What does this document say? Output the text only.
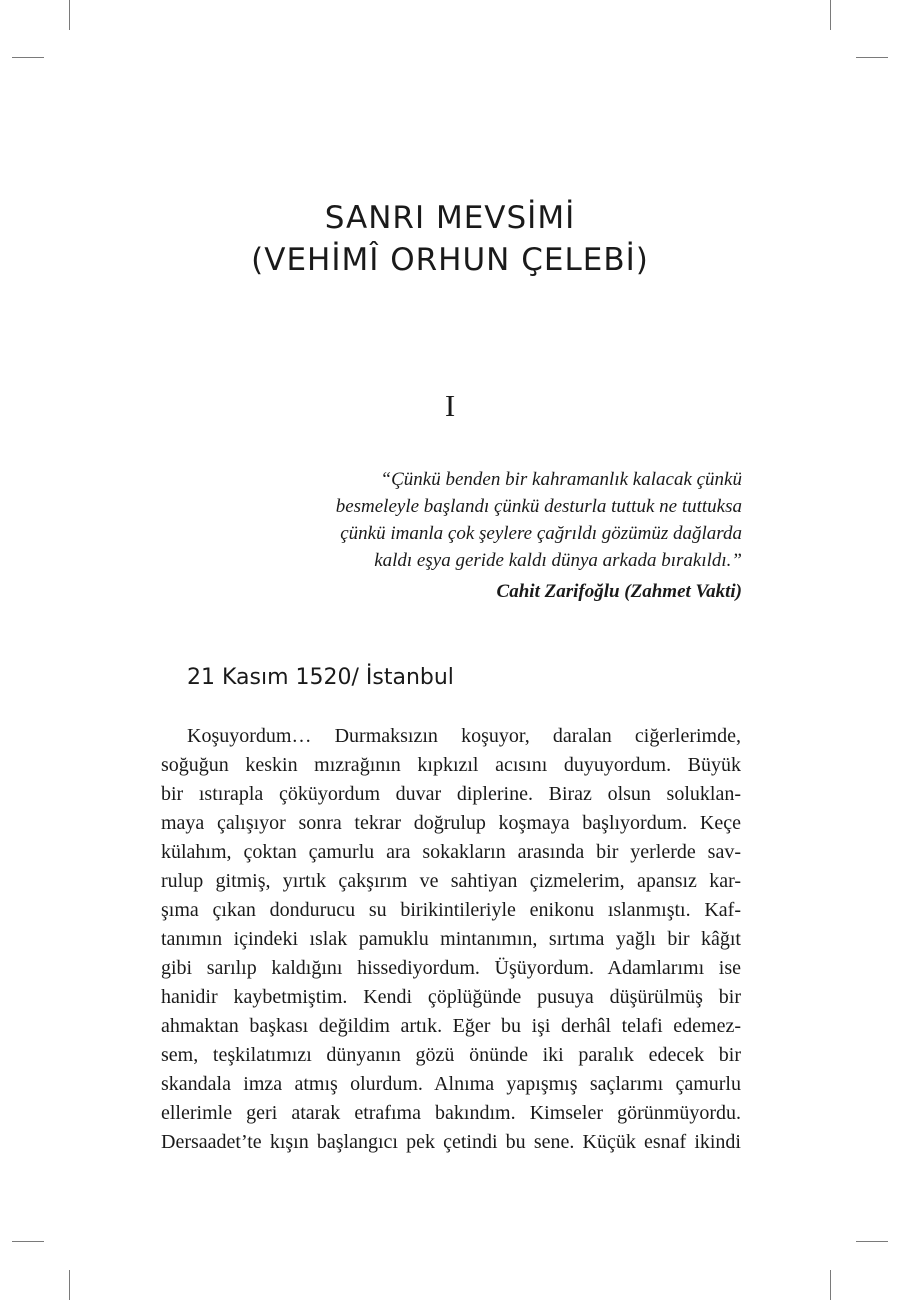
SANRI MEVSİMİ
(VEHİMÎ ORHUN ÇELEBİ)
I
“Çünkü benden bir kahramanlık kalacak çünkü
besmeleyle başlandı çünkü desturla tuttuk ne tuttuksa
çünkü imanla çok şeylere çağrıldı gözümüz dağlarda
kaldı eşya geride kaldı dünya arkada bırakıldı.”
Cahit Zarifoğlu (Zahmet Vakti)
21 Kasım 1520/ İstanbul
Koşuyordum… Durmaksızın koşuyor, daralan ciğerlerimde,
soğuğun keskin mızrağının kıpkızıl acısını duyuyordum. Büyük
bir ıstırapla çöküyordum duvar diplerine. Biraz olsun soluklan-
maya çalışıyor sonra tekrar doğrulup koşmaya başlıyordum. Keçe
külahım, çoktan çamurlu ara sokakların arasında bir yerlerde sav-
rulup gitmiş, yırtık çakşırım ve sahtiyan çizmelerim, apansız kar-
şıma çıkan dondurucu su birikintileriyle enikonu ıslanmıştı. Kaf-
tanımın içindeki ıslak pamuklu mintanımın, sırtıma yağlı bir kâğıt
gibi sarılıp kaldığını hissediyordum. Üşüyordum. Adamlarımı ise
hanidir kaybetmiştim. Kendi çöplüğünde pusuya düşürülmüş bir
ahmaktan başkası değildim artık. Eğer bu işi derhâl telafi edemez-
sem, teşkilatımızı dünyanın gözü önünde iki paralık edecek bir
skandala imza atmış olurdum. Alnıma yapışmış saçlarımı çamurlu
ellerimle geri atarak etrafıma bakındım. Kimseler görünmüyordu.
Dersaadet’te kışın başlangıcı pek çetindi bu sene. Küçük esnaf ikindi
